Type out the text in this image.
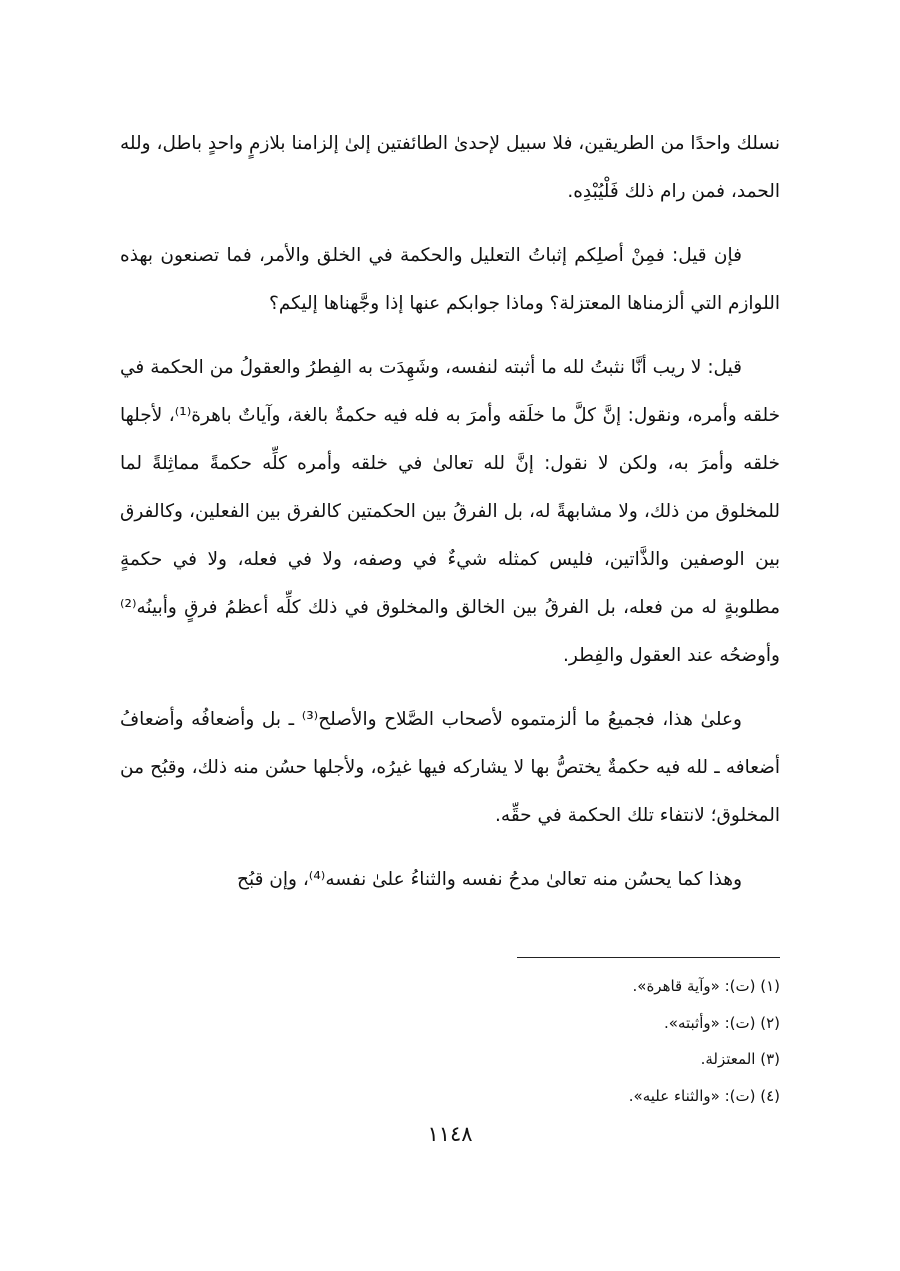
نسلك واحدًا من الطريقين، فلا سبيل لإحدىٰ الطائفتين إلىٰ إلزامنا بلازمٍ واحدٍ باطل، ولله الحمد، فمن رام ذلك فَلْيُبْدِه.

فإن قيل: فمِنْ أصلِكم إثباتُ التعليل والحكمة في الخلق والأمر، فما تصنعون بهذه اللوازم التي ألزمناها المعتزلة؟ وماذا جوابكم عنها إذا وجَّهناها إليكم؟

قيل: لا ريب أنَّا نثبتُ لله ما أثبته لنفسه، وشَهِدَت به الفِطرُ والعقولُ من الحكمة في خلقه وأمره، ونقول: إنَّ كلَّ ما خلَقه وأمرَ به فله فيه حكمةٌ بالغة، وآياتٌ باهرة⁽¹⁾، لأجلها خلقه وأمرَ به، ولكن لا نقول: إنَّ لله تعالىٰ في خلقه وأمره كلِّه حكمةً مماثِلةً لما للمخلوق من ذلك، ولا مشابهةً له، بل الفرقُ بين الحكمتين كالفرق بين الفعلين، وكالفرق بين الوصفين والذَّاتين، فليس كمثله شيءٌ في وصفه، ولا في فعله، ولا في حكمةٍ مطلوبةٍ له من فعله، بل الفرقُ بين الخالق والمخلوق في ذلك كلِّه أعظمُ فرقٍ وأبينُه⁽²⁾ وأوضحُه عند العقول والفِطر.

وعلىٰ هذا، فجميعُ ما ألزمتموه لأصحاب الصَّلاح والأصلح⁽³⁾ ـ بل وأضعافُه وأضعافُ أضعافه ـ لله فيه حكمةٌ يختصُّ بها لا يشاركه فيها غيرُه، ولأجلها حسُن منه ذلك، وقبُح من المخلوق؛ لانتفاء تلك الحكمة في حقِّه.

وهذا كما يحسُن منه تعالىٰ مدحُ نفسه والثناءُ علىٰ نفسه⁽⁴⁾، وإن قبُح

(١) (ت): «وآية قاهرة».
(٢) (ت): «وأثبته».
(٣) المعتزلة.
(٤) (ت): «والثناء عليه».
١١٤٨
